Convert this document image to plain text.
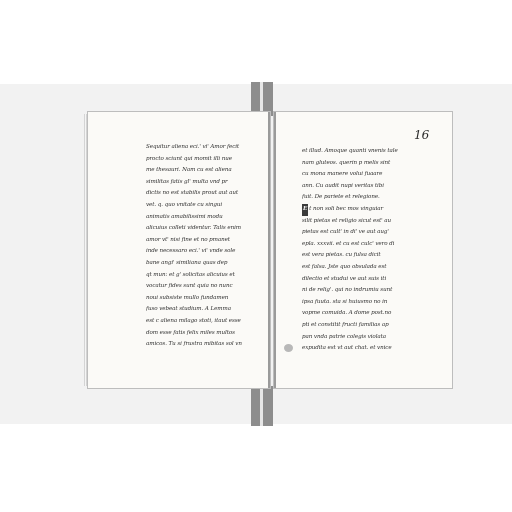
16
Sequitur aliena eci.' vi' Amor fecit
procto sciunt qui momit illi nue
me thesauri. Nam cu est aliena
similitas fatis gl' multa vnd pr
dictis no est stabilis prout aut aut
vet. q. quo vnitate cu singui
animatis amabilissimi modu
alicuius colleti videntur. Talis enim
amor vt' nisi fine et no pmanet
inde necessaro eci.' vi' vnde sole
bane angi' similiana quas dep
qt mun: et g' solicitas alicuius et
vocatur fides sunt quia no nunc
noui subsiste mullo fundamen
fuso vebeat studium. A Lemma
est c aliena milago stoti, itaut esse
dom esse fatis felix miles multos
amicos. Tu si frustra mibitas sol vn
et illud. Amoque quanti vnenis tale
nam gluteos. querin p melis sint
cu mona manere volui fuaare
ann. Cu audit nupi veritas tibi
fuit. De pariete et relegione.
E t non soli bec mos vinguiar
silit pietas et religio sicut est' au
pietas est cult' in di' ve aut aug'
epla. xxxvii. et cu est culc' vero di
est vera pietas. cu fulsa dicit
est falsa. Jste quo obsulada est
dilectio et studui ve aut suis iti
ni de relig'. qui no indrumiu sunt
ipsa fuuta. sta si huiusmo no in
vopme comuida. A dome post.no
pti et constitit fructi familias ap
pan vnda patrie colegis violata
expudita est vt aut chat. et vnice
